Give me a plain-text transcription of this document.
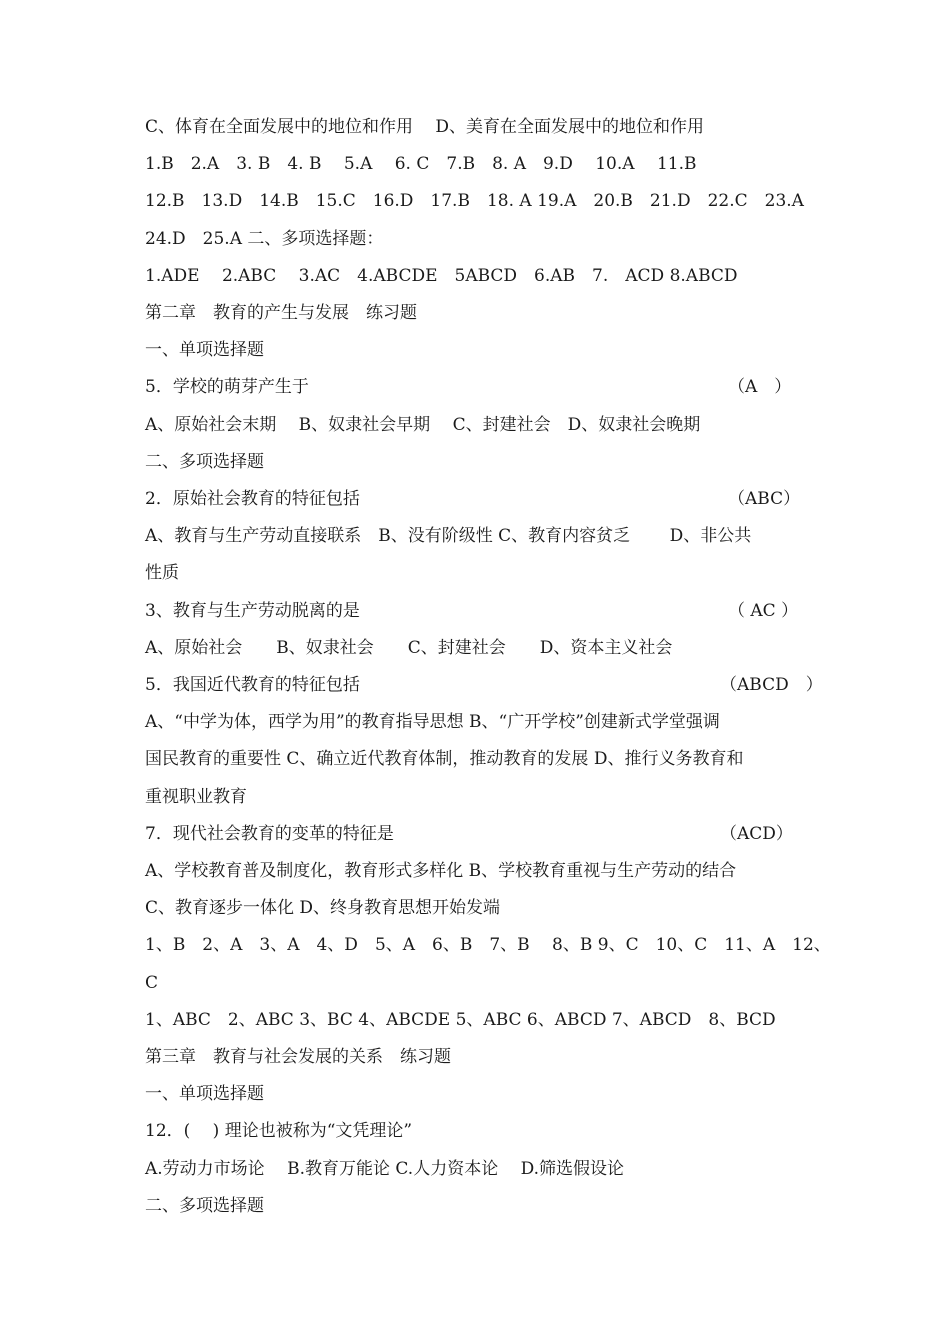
C、体育在全面发展中的地位和作用　 D、美育在全面发展中的地位和作用
1.B　2.A　3. B　4. B　 5.A　 6. C　7.B　8. A　9.D　 10.A　 11.B
12.B　13.D　14.B　15.C　16.D　17.B　18. A 19.A　20.B　21.D　22.C　23.A
24.D　25.A 二、多项选择题：
1.ADE　 2.ABC　 3.AC　4.ABCDE　5ABCD　6.AB　7.　ACD 8.ABCD
第二章　教育的产生与发展　练习题
一、单项选择题
5．学校的萌芽产生于	（A　）
A、原始社会末期　 B、奴隶社会早期　 C、封建社会　D、奴隶社会晚期
二、多项选择题
2．原始社会教育的特征包括	（ABC）
A、教育与生产劳动直接联系　B、没有阶级性 C、教育内容贫乏　　 D、非公共
性质
3、教育与生产劳动脱离的是	（ AC ）
A、原始社会　　B、奴隶社会　　C、封建社会　　D、资本主义社会
5．我国近代教育的特征包括	（ABCD　）
A、“中学为体，西学为用”的教育指导思想 B、“广开学校”创建新式学堂强调
国民教育的重要性 C、确立近代教育体制，推动教育的发展 D、推行义务教育和
重视职业教育
7．现代社会教育的变革的特征是	（ACD）
A、学校教育普及制度化，教育形式多样化 B、学校教育重视与生产劳动的结合
C、教育逐步一体化 D、终身教育思想开始发端
1、B　2、A　3、A　4、D　5、A　6、B　7、B　 8、B 9、C　10、C　11、A　12、
C
1、ABC　2、ABC 3、BC 4、ABCDE 5、ABC 6、ABCD 7、ABCD　8、BCD
第三章　教育与社会发展的关系　练习题
一、单项选择题
12．(　 ) 理论也被称为“文凭理论”
A.劳动力市场论　 B.教育万能论 C.人力资本论　 D.筛选假设论
二、多项选择题
